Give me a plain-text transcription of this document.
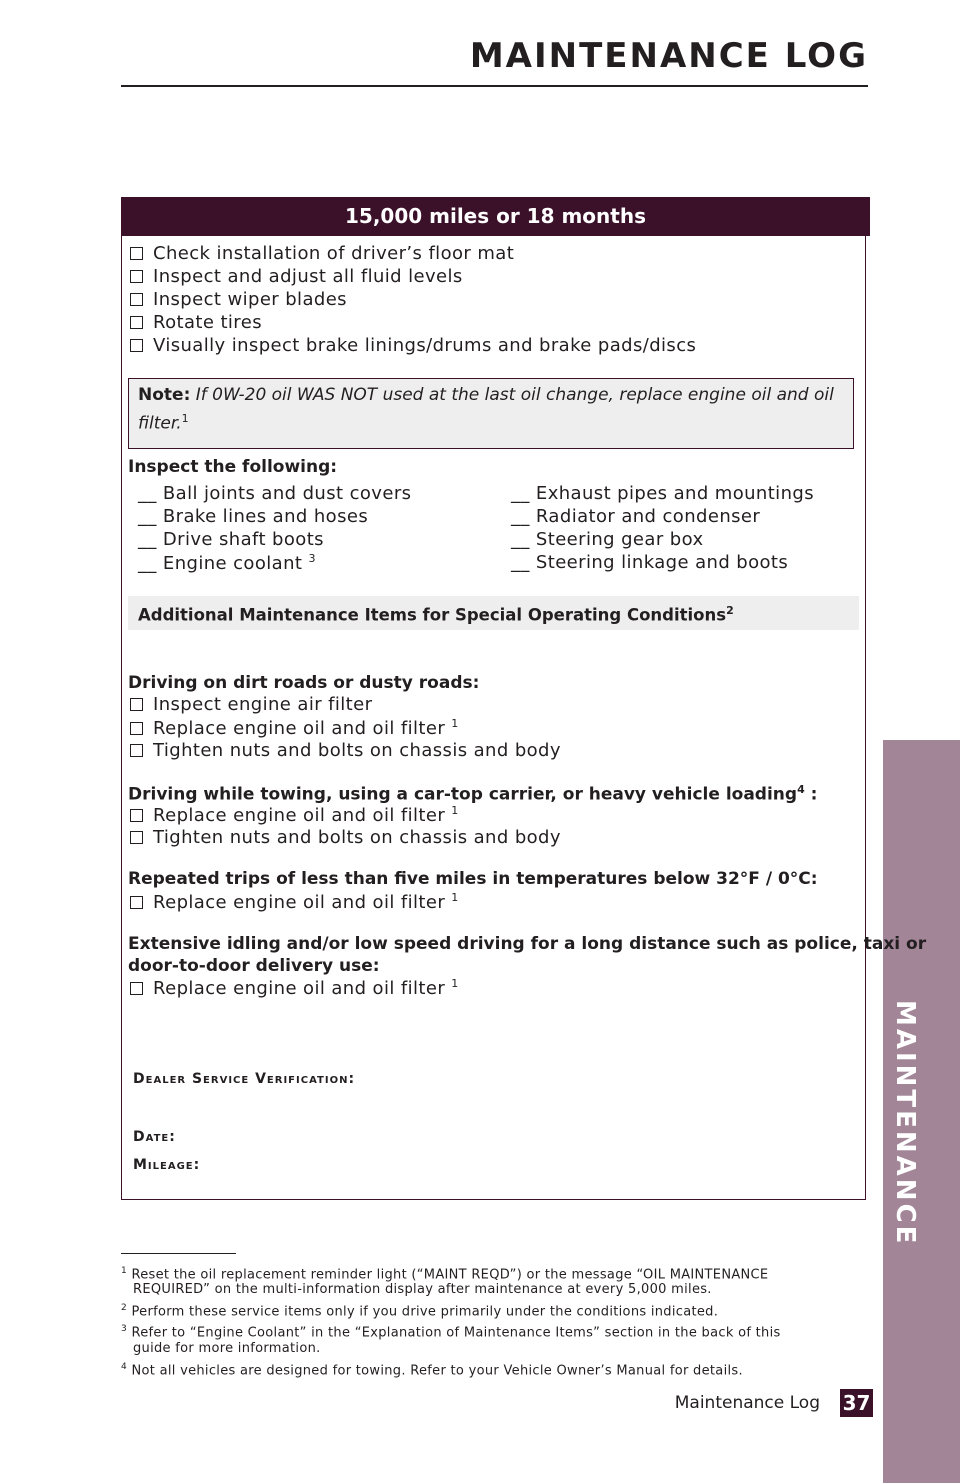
MAINTENANCE LOG
MAINTENANCE
15,000 miles or 18 months
Check installation of driver’s floor mat
Inspect and adjust all fluid levels
Inspect wiper blades
Rotate tires
Visually inspect brake linings/drums and brake pads/discs
Note: If 0W-20 oil WAS NOT used at the last oil change, replace engine oil and oil filter.$^1$
Inspect the following:
__ Ball joints and dust covers
__ Brake lines and hoses
__ Drive shaft boots
__ Engine coolant $^3$
__ Exhaust pipes and mountings
__ Radiator and condenser
__ Steering gear box
__ Steering linkage and boots
Additional Maintenance Items for Special Operating Conditions$^2$
Driving on dirt roads or dusty roads:
Inspect engine air filter
Replace engine oil and oil filter $^1$
Tighten nuts and bolts on chassis and body
Driving while towing, using a car-top carrier, or heavy vehicle loading$^4$ :
Replace engine oil and oil filter $^1$
Tighten nuts and bolts on chassis and body
Repeated trips of less than five miles in temperatures below 32°F / 0°C:
Replace engine oil and oil filter $^1$
Extensive idling and/or low speed driving for a long distance such as police, taxi or
door-to-door delivery use:
Replace engine oil and oil filter $^1$
Dealer Service Verification:
Date:
Mileage:
$^1$ Reset the oil replacement reminder light (“MAINT REQD”) or the message “OIL MAINTENANCE
REQUIRED” on the multi-information display after maintenance at every 5,000 miles.
$^2$ Perform these service items only if you drive primarily under the conditions indicated.
$^3$ Refer to “Engine Coolant” in the “Explanation of Maintenance Items” section in the back of this
guide for more information.
$^4$ Not all vehicles are designed for towing. Refer to your Vehicle Owner’s Manual for details.
Maintenance Log 37
